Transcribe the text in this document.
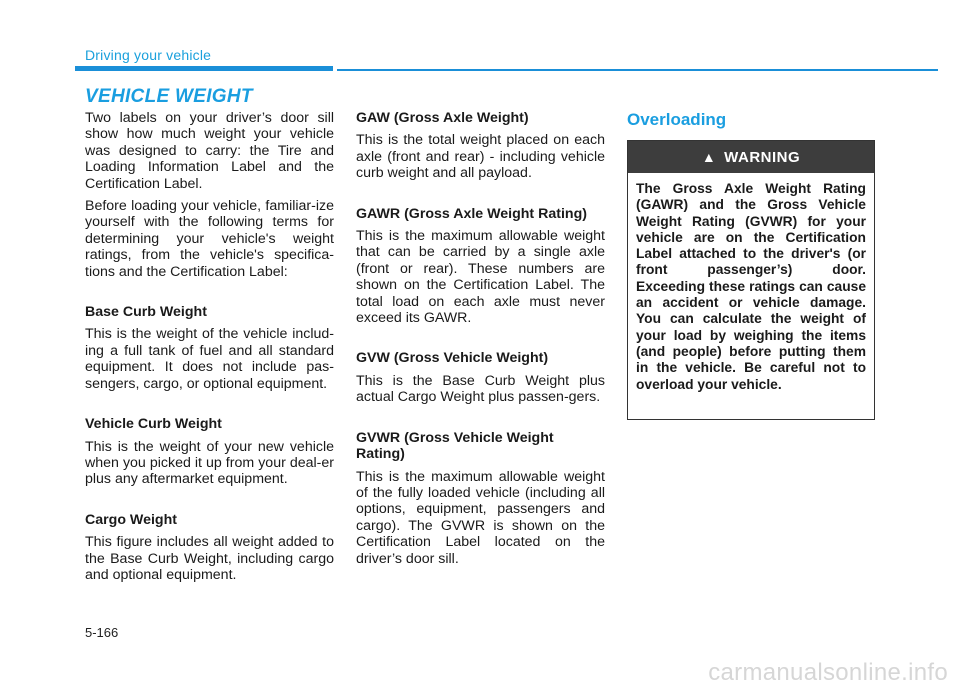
Driving your vehicle
VEHICLE WEIGHT

Two labels on your driver’s door sill show how much weight your vehicle was designed to carry: the Tire and Loading Information Label and the Certification Label.

Before loading your vehicle, familiar-ize yourself with the following terms for determining your vehicle's weight ratings, from the vehicle's specifica-tions and the Certification Label:

Base Curb Weight

This is the weight of the vehicle includ-ing a full tank of fuel and all standard equipment. It does not include pas-sengers, cargo, or optional equipment.

Vehicle Curb Weight

This is the weight of your new vehicle when you picked it up from your deal-er plus any aftermarket equipment.

Cargo Weight

This figure includes all weight added to the Base Curb Weight, including cargo and optional equipment.

GAW (Gross Axle Weight)

This is the total weight placed on each axle (front and rear) - including vehicle curb weight and all payload.

GAWR (Gross Axle Weight Rating)

This is the maximum allowable weight that can be carried by a single axle (front or rear). These numbers are shown on the Certification Label. The total load on each axle must never exceed its GAWR.

GVW (Gross Vehicle Weight)

This is the Base Curb Weight plus actual Cargo Weight plus passen-gers.

GVWR (Gross Vehicle Weight Rating)

This is the maximum allowable weight of the fully loaded vehicle (including all options, equipment, passengers and cargo). The GVWR is shown on the Certification Label located on the driver’s door sill.

Overloading
▲ WARNING

The Gross Axle Weight Rating (GAWR) and the Gross Vehicle Weight Rating (GVWR) for your vehicle are on the Certification Label attached to the driver's (or front passenger’s) door. Exceeding these ratings can cause an accident or vehicle damage. You can calculate the weight of your load by weighing the items (and people) before putting them in the vehicle. Be careful not to overload your vehicle.

5-166
carmanualsonline.info
